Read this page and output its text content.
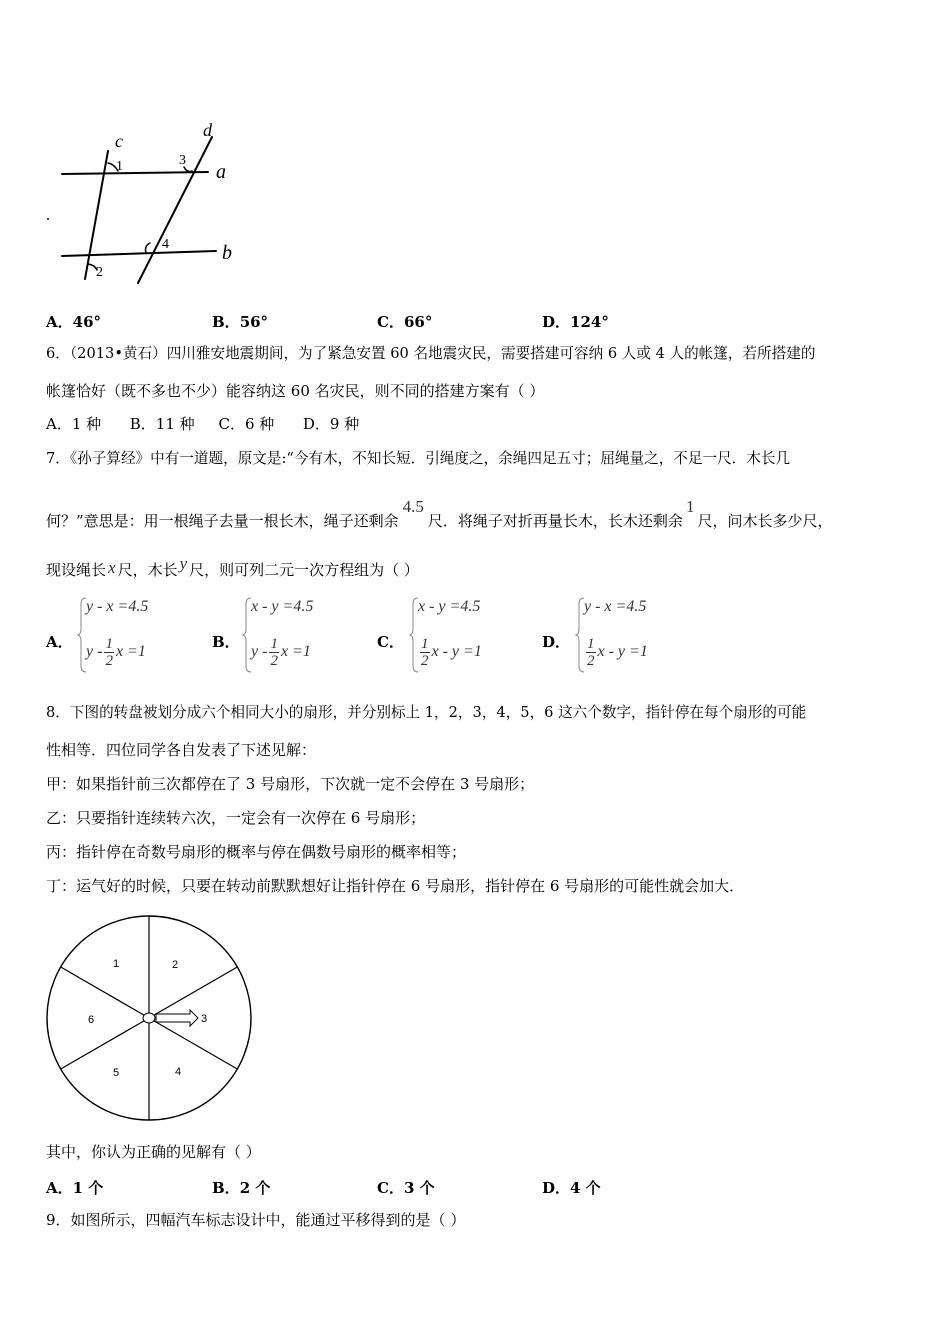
c
d
1	3
a
4	b
2
A．46°	B．56°	C．66°	D．124°
6．（2013•黄石）四川雅安地震期间，为了紧急安置 60 名地震灾民，需要搭建可容纳 6 人或 4 人的帐篷，若所搭建的
帐篷恰好（既不多也不少）能容纳这 60 名灾民，则不同的搭建方案有（ ）
A．1 种      B．11 种     C．6 种      D．9 种
7．《孙子算经》中有一道题，原文是:“今有木，不知长短．引绳度之，余绳四足五寸；屈绳量之，不足一尺．木长几
何？”意思是：用一根绳子去量一根长木，绳子还剩余4.5尺．将绳子对折再量长木，长木还剩余1尺，问木长多少尺，
现设绳长 x 尺，木长 y 尺，则可列二元一次方程组为（ ）
A．
y - x =4.5
y - $\frac{1}{2}$ x =1
B．
x - y =4.5
y - $\frac{1}{2}$ x =1
C．
x - y =4.5
$\frac{1}{2}$ x - y =1
D．
y - x =4.5
$\frac{1}{2}$ x - y =1
8．下图的转盘被划分成六个相同大小的扇形，并分别标上 1，2，3，4，5，6 这六个数字，指针停在每个扇形的可能
性相等．四位同学各自发表了下述见解：
甲：如果指针前三次都停在了 3 号扇形，下次就一定不会停在 3 号扇形；
乙：只要指针连续转六次，一定会有一次停在 6 号扇形；
丙：指针停在奇数号扇形的概率与停在偶数号扇形的概率相等；
丁：运气好的时候，只要在转动前默默想好让指针停在 6 号扇形，指针停在 6 号扇形的可能性就会加大．
1	2
3
4
5
6
其中，你认为正确的见解有（ ）
A．1 个	B．2 个	C．3 个	D．4 个
9．如图所示，四幅汽车标志设计中，能通过平移得到的是（ ）
